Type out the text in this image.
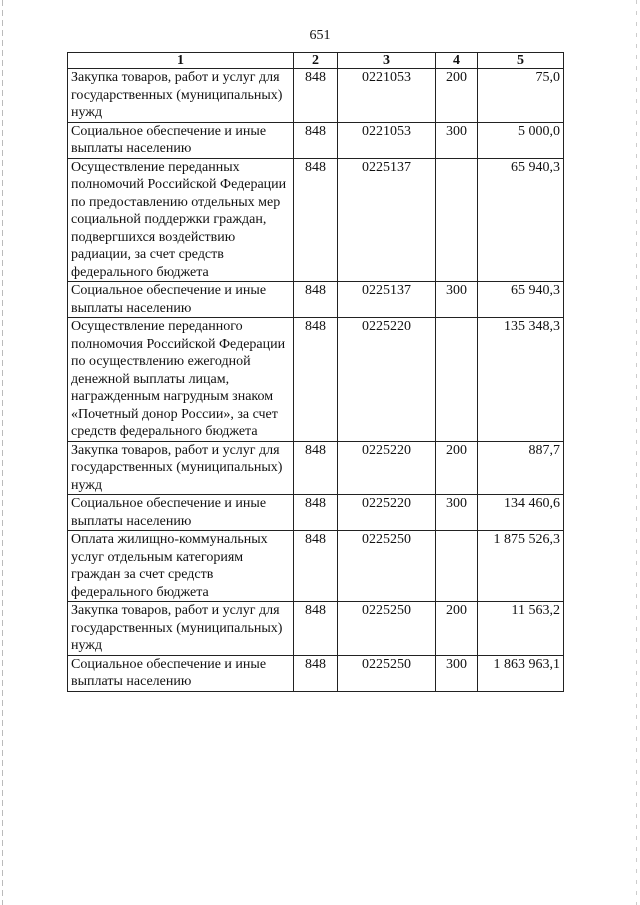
651
1	2	3	4	5
Закупка товаров, работ и услуг для государственных (муниципальных) нужд	848	0221053	200	75,0
Социальное обеспечение и иные выплаты населению	848	0221053	300	5 000,0
Осуществление переданных полномочий Российской Федерации по предоставлению отдельных мер социальной поддержки граждан, подвергшихся воздействию радиации, за счет средств федерального бюджета	848	0225137		65 940,3
Социальное обеспечение и иные выплаты населению	848	0225137	300	65 940,3
Осуществление переданного полномочия Российской Федерации по осуществлению ежегодной денежной выплаты лицам, награжденным нагрудным знаком «Почетный донор России», за счет средств федерального бюджета	848	0225220		135 348,3
Закупка товаров, работ и услуг для государственных (муниципальных) нужд	848	0225220	200	887,7
Социальное обеспечение и иные выплаты населению	848	0225220	300	134 460,6
Оплата жилищно-коммунальных услуг отдельным категориям граждан за счет средств федерального бюджета	848	0225250		1 875 526,3
Закупка товаров, работ и услуг для государственных (муниципальных) нужд	848	0225250	200	11 563,2
Социальное обеспечение и иные выплаты населению	848	0225250	300	1 863 963,1
